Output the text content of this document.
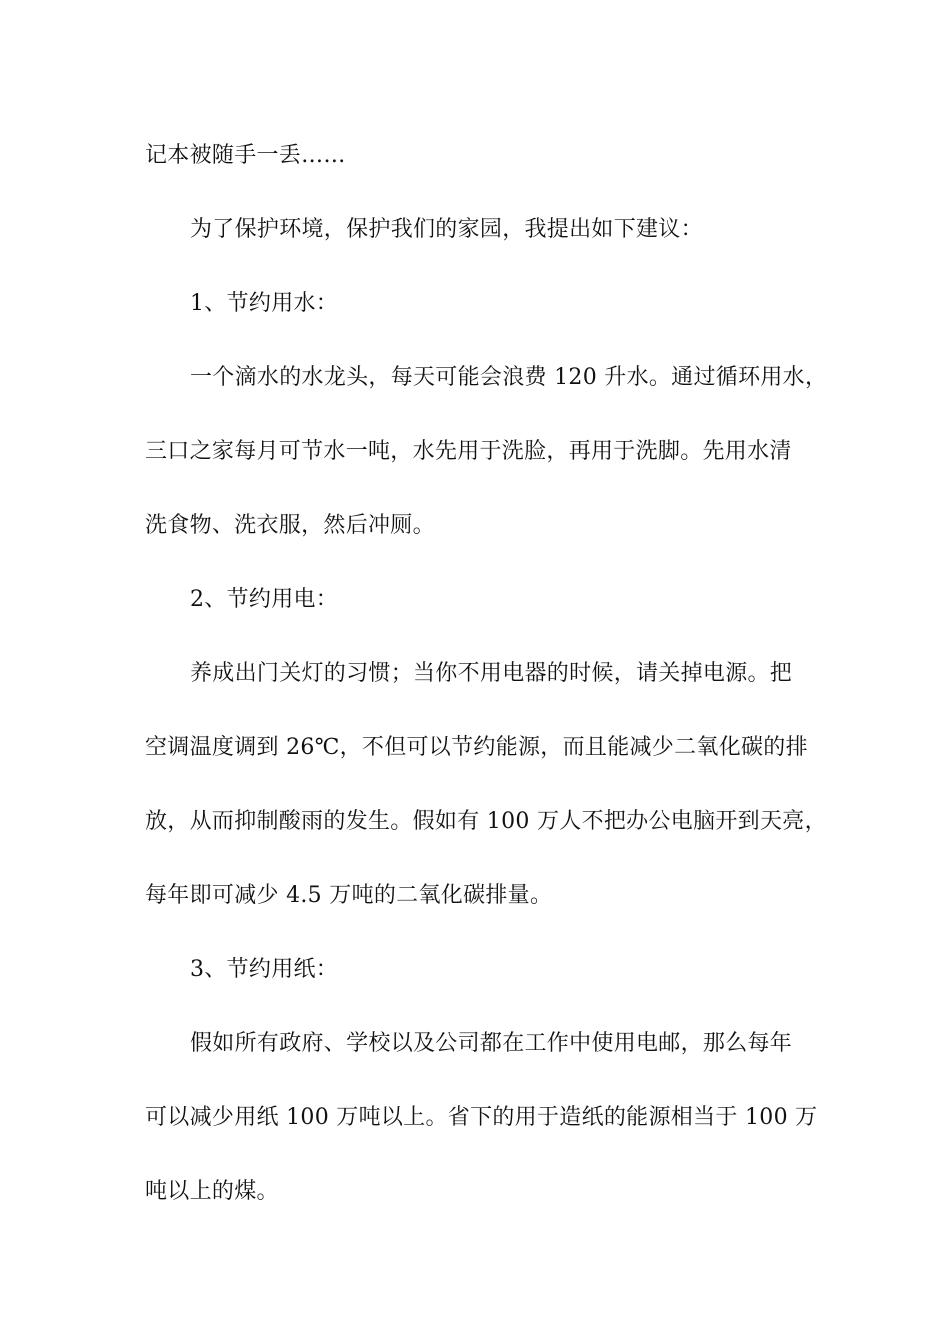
记本被随手一丢……
为了保护环境，保护我们的家园，我提出如下建议：
1、节约用水：
一个滴水的水龙头，每天可能会浪费 120 升水。通过循环用水，
三口之家每月可节水一吨，水先用于洗脸，再用于洗脚。先用水清
洗食物、洗衣服，然后冲厕。
2、节约用电：
养成出门关灯的习惯；当你不用电器的时候，请关掉电源。把
空调温度调到 26℃，不但可以节约能源，而且能减少二氧化碳的排
放，从而抑制酸雨的发生。假如有 100 万人不把办公电脑开到天亮，
每年即可减少 4.5 万吨的二氧化碳排量。
3、节约用纸：
假如所有政府、学校以及公司都在工作中使用电邮，那么每年
可以减少用纸 100 万吨以上。省下的用于造纸的能源相当于 100 万
吨以上的煤。
